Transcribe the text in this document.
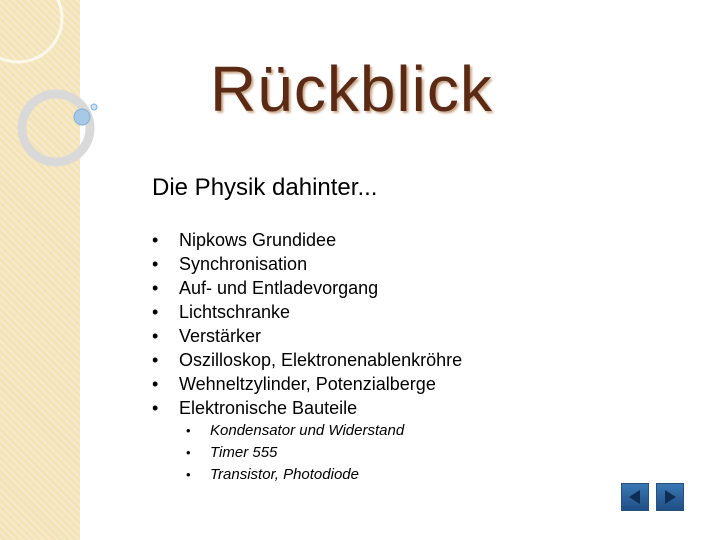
Rückblick
Die Physik dahinter...
•	Nipkows Grundidee
•	Synchronisation
•	Auf- und Entladevorgang
•	Lichtschranke
•	Verstärker
•	Oszilloskop, Elektronenablenkröhre
•	Wehneltzylinder, Potenzialberge
•	Elektronische Bauteile
•	Kondensator und Widerstand
•	Timer 555
•	Transistor, Photodiode
